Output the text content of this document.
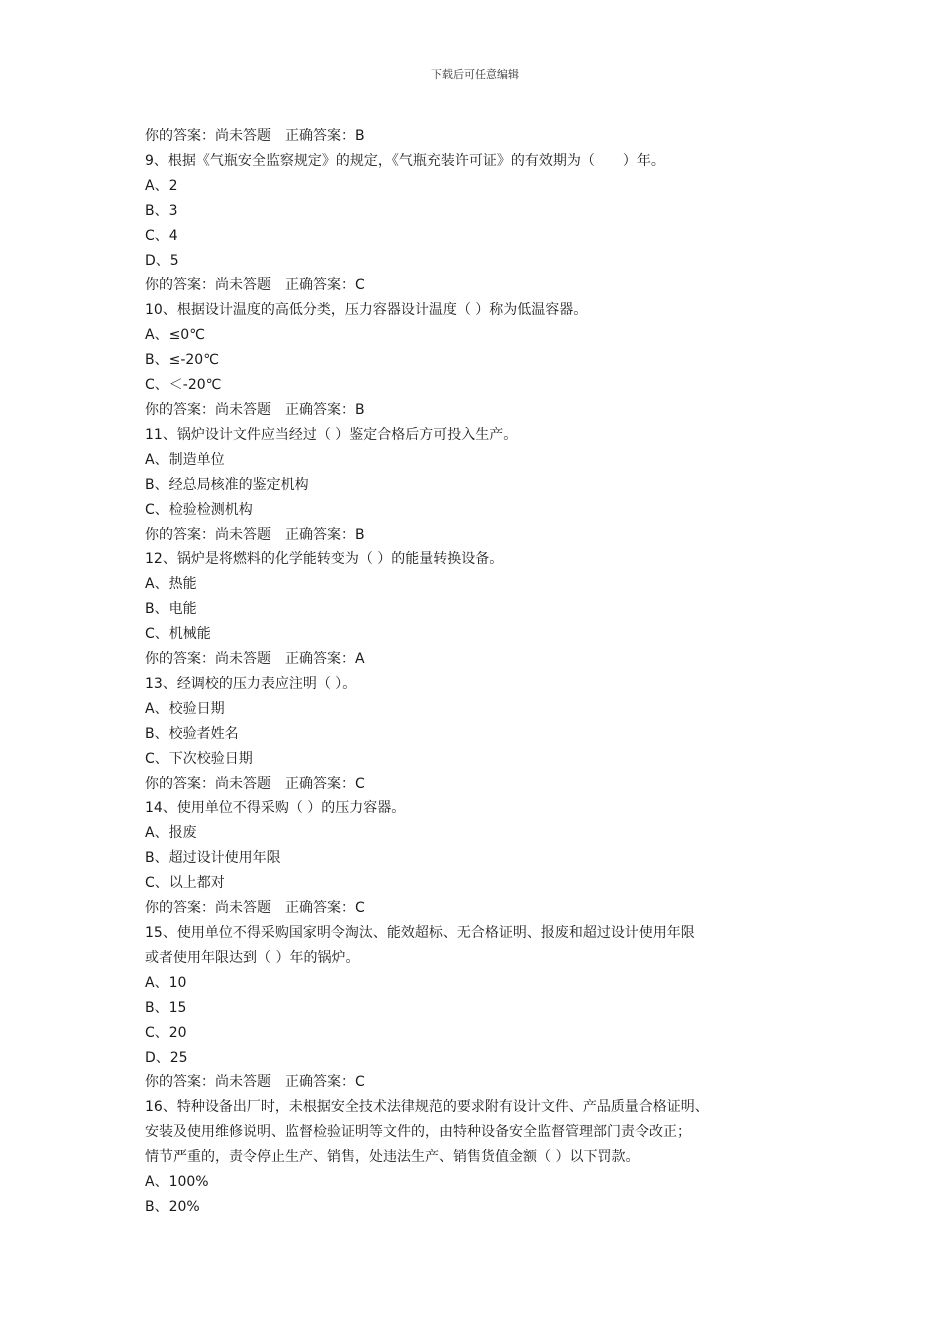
下载后可任意编辑
你的答案：尚未答题　正确答案：B
9、根据《气瓶安全监察规定》的规定，《气瓶充装许可证》的有效期为（　　）年。
A、2
B、3
C、4
D、5
你的答案：尚未答题　正确答案：C
10、根据设计温度的高低分类，压力容器设计温度（ ）称为低温容器。
A、≤0℃
B、≤-20℃
C、＜-20℃
你的答案：尚未答题　正确答案：B
11、锅炉设计文件应当经过（ ）鉴定合格后方可投入生产。
A、制造单位
B、经总局核准的鉴定机构
C、检验检测机构
你的答案：尚未答题　正确答案：B
12、锅炉是将燃料的化学能转变为（ ）的能量转换设备。
A、热能
B、电能
C、机械能
你的答案：尚未答题　正确答案：A
13、经调校的压力表应注明（ ）。
A、校验日期
B、校验者姓名
C、下次校验日期
你的答案：尚未答题　正确答案：C
14、使用单位不得采购（ ）的压力容器。
A、报废
B、超过设计使用年限
C、以上都对
你的答案：尚未答题　正确答案：C
15、使用单位不得采购国家明令淘汰、能效超标、无合格证明、报废和超过设计使用年限
或者使用年限达到（ ）年的锅炉。
A、10
B、15
C、20
D、25
你的答案：尚未答题　正确答案：C
16、特种设备出厂时，未根据安全技术法律规范的要求附有设计文件、产品质量合格证明、
安装及使用维修说明、监督检验证明等文件的，由特种设备安全监督管理部门责令改正；
情节严重的，责令停止生产、销售，处违法生产、销售货值金额（ ）以下罚款。
A、100%
B、20%
